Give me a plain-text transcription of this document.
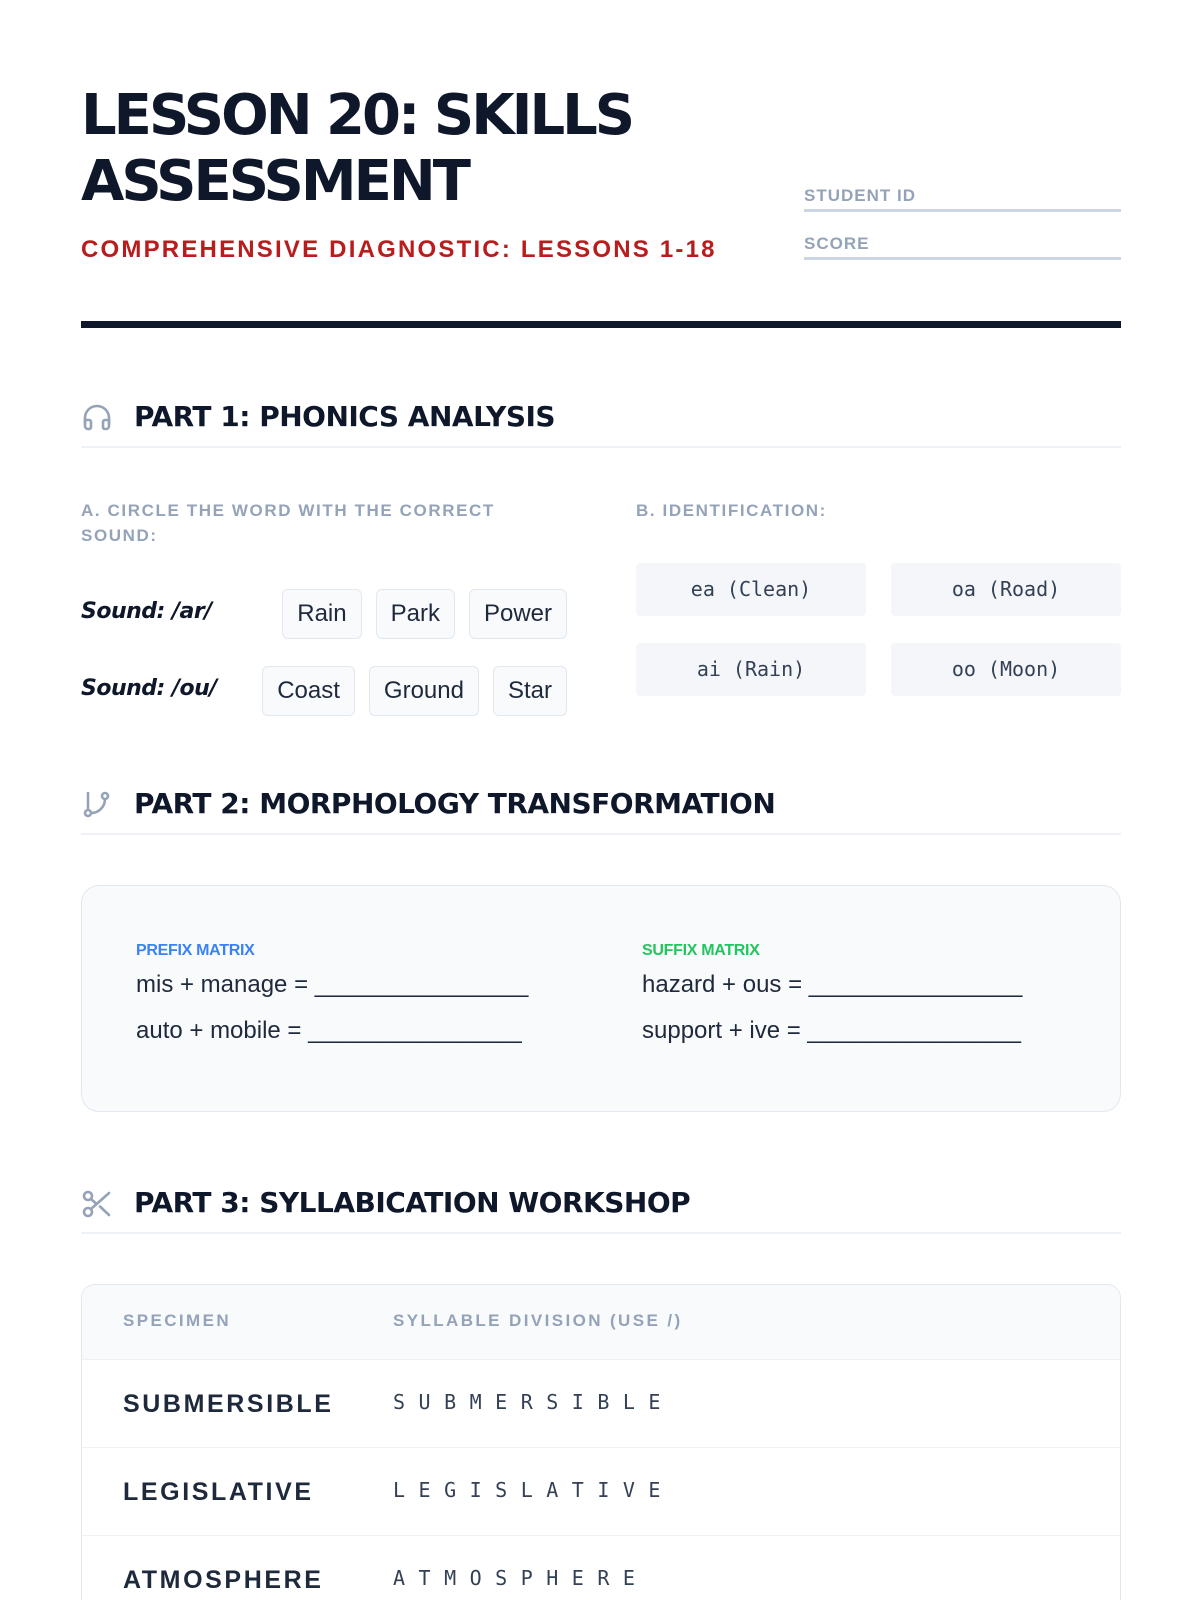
LESSON 20: SKILLS ASSESSMENT
COMPREHENSIVE DIAGNOSTIC: LESSONS 1-18
STUDENT ID
SCORE
PART 1: PHONICS ANALYSIS
A. CIRCLE THE WORD WITH THE CORRECT SOUND:
B. IDENTIFICATION:
Sound: /ar/	Rain	Park	Power
Sound: /ou/	Coast	Ground	Star
ea (Clean)	oa (Road)
ai (Rain)	oo (Moon)
PART 2: MORPHOLOGY TRANSFORMATION
PREFIX MATRIX
mis + manage = ________________
auto + mobile = ________________
SUFFIX MATRIX
hazard + ous = ________________
support + ive = ________________
PART 3: SYLLABICATION WORKSHOP
SPECIMEN	SYLLABLE DIVISION (USE /)
SUBMERSIBLE	SUBMERSIBLE
LEGISLATIVE	LEGISLATIVE
ATMOSPHERE	ATMOSPHERE
